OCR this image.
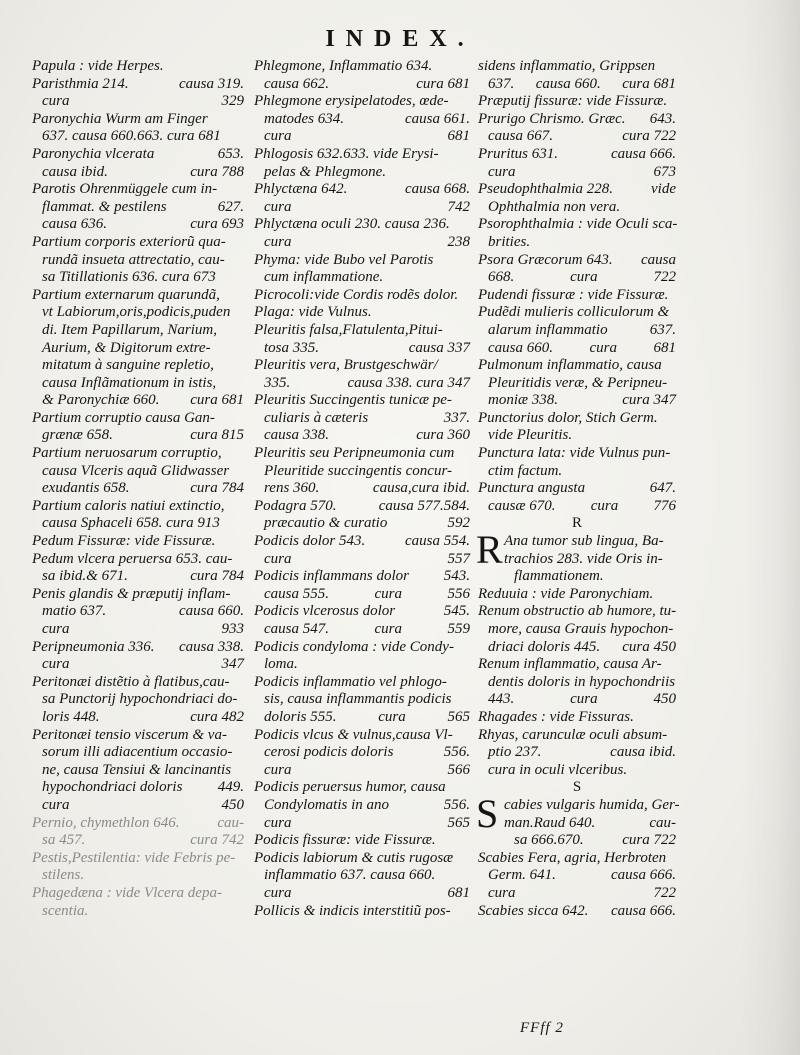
INDEX.
Papula : vide Herpes.
Paristhmia 214.	causa 319.
cura	329
Paronychia Wurm am Finger
637. causa 660.663. cura 681
Paronychia vlcerata	653.
causa ibid.	cura 788
Parotis Ohrenmüggele cum in-
flammat. & pestilens	627.
causa 636.	cura 693
Partium corporis exteriorũ qua-
rundã insueta attrectatio, cau-
sa Titillationis 636. cura 673
Partium externarum quarundã,
vt Labiorum,oris,podicis,puden
di. Item Papillarum, Narium,
Aurium, & Digitorum extre-
mitatum à sanguine repletio,
causa Inflãmationum in istis,
& Paronychiæ 660. cura 681
Partium corruptio causa Gan-
grænæ 658.	cura 815
Partium neruosarum corruptio,
causa Vlceris aquã Glidwasser
exudantis 658.	cura 784
Partium caloris natiui extinctio,
causa Sphaceli 658. cura 913
Pedum Fissuræ: vide Fissuræ.
Pedum vlcera peruersa 653. cau-
sa ibid.& 671.	cura 784
Penis glandis & præputij inflam-
matio 637.	causa 660.
cura	933
Peripneumonia 336. causa 338.
cura	347
Peritonæi distẽtio à flatibus,cau-
sa Punctorij hypochondriaci do-
loris 448.	cura 482
Peritonæi tensio viscerum & va-
sorum illi adiacentium occasio-
ne, causa Tensiui & lancinantis
hypochondriaci doloris 449.
cura	450
Pernio, chymethlon 646.	cau-
sa 457.	cura 742
Pestis,Pestilentia: vide Febris pe-
stilens.
Phagedæna : vide Vlcera depa-
scentia.
Phlegmone, Inflammatio 634.
causa 662.	cura 681
Phlegmone erysipelatodes, œde-
matodes 634.	causa 661.
cura	681
Phlogosis 632.633. vide Erysi-
pelas & Phlegmone.
Phlyctæna 642.	causa 668.
cura	742
Phlyctæna oculi 230. causa 236.
cura	238
Phyma: vide Bubo vel Parotis
cum inflammatione.
Picrocoli:vide Cordis rodẽs dolor.
Plaga: vide Vulnus.
Pleuritis falsa,Flatulenta,Pitui-
tosa 335.	causa 337
Pleuritis vera, Brustgeschwär/
335.	causa 338. cura 347
Pleuritis Succingentis tunicæ pe-
culiaris à cæteris	337.
causa 338.	cura 360
Pleuritis seu Peripneumonia cum
Pleuritide succingentis concur-
rens 360.	causa,cura ibid.
Podagra 570.	causa 577.584.
præcautio & curatio	592
Podicis dolor 543.	causa 554.
cura	557
Podicis inflammans dolor 543.
causa 555.	cura	556
Podicis vlcerosus dolor	545.
causa 547.	cura	559
Podicis condyloma : vide Condy-
loma.
Podicis inflammatio vel phlogo-
sis, causa inflammantis podicis
doloris 555.	cura	565
Podicis vlcus & vulnus,causa Vl-
cerosi podicis doloris	556.
cura	566
Podicis peruersus humor, causa
Condylomatis in ano	556.
cura	565
Podicis fissuræ: vide Fissuræ.
Podicis labiorum & cutis rugosæ
inflammatio 637. causa 660.
cura	681
Pollicis & indicis interstitiũ pos-
sidens inflammatio, Grippsen
637. causa 660. cura 681
Præputij fissuræ: vide Fissuræ.
Prurigo Chrismo. Græc. 643.
causa 667.	cura 722
Pruritus 631.	causa 666.
cura	673
Pseudophthalmia 228.	vide
Ophthalmia non vera.
Psorophthalmia : vide Oculi sca-
brities.
Psora Græcorum 643. causa
668.	cura	722
Pudendi fissuræ : vide Fissuræ.
Pudẽdi mulieris colliculorum &
alarum inflammatio	637.
causa 660. cura 681
Pulmonum inflammatio, causa
Pleuritidis veræ, & Peripneu-
moniæ 338.	cura 347
Punctorius dolor, Stich Germ.
vide Pleuritis.
Punctura lata: vide Vulnus pun-
ctim factum.
Punctura angusta	647.
causæ 670. cura 776
R
R Ana tumor sub lingua, Ba-
trachios 283. vide Oris in-
flammationem.
Reduuia : vide Paronychiam.
Renum obstructio ab humore, tu-
more, causa Grauis hypochon-
driaci doloris 445. cura 450
Renum inflammatio, causa Ar-
dentis doloris in hypochondriis
443.	cura	450
Rhagades : vide Fissuras.
Rhyas, carunculæ oculi absum-
ptio 237.	causa ibid.
cura in oculi vlceribus.
S
S cabies vulgaris humida, Ger-
man.Raud 640.	cau-
sa 666.670.	cura 722
Scabies Fera, agria, Herbroten
Germ. 641.	causa 666.
cura	722
Scabies sicca 642. causa 666.
FFff 2
